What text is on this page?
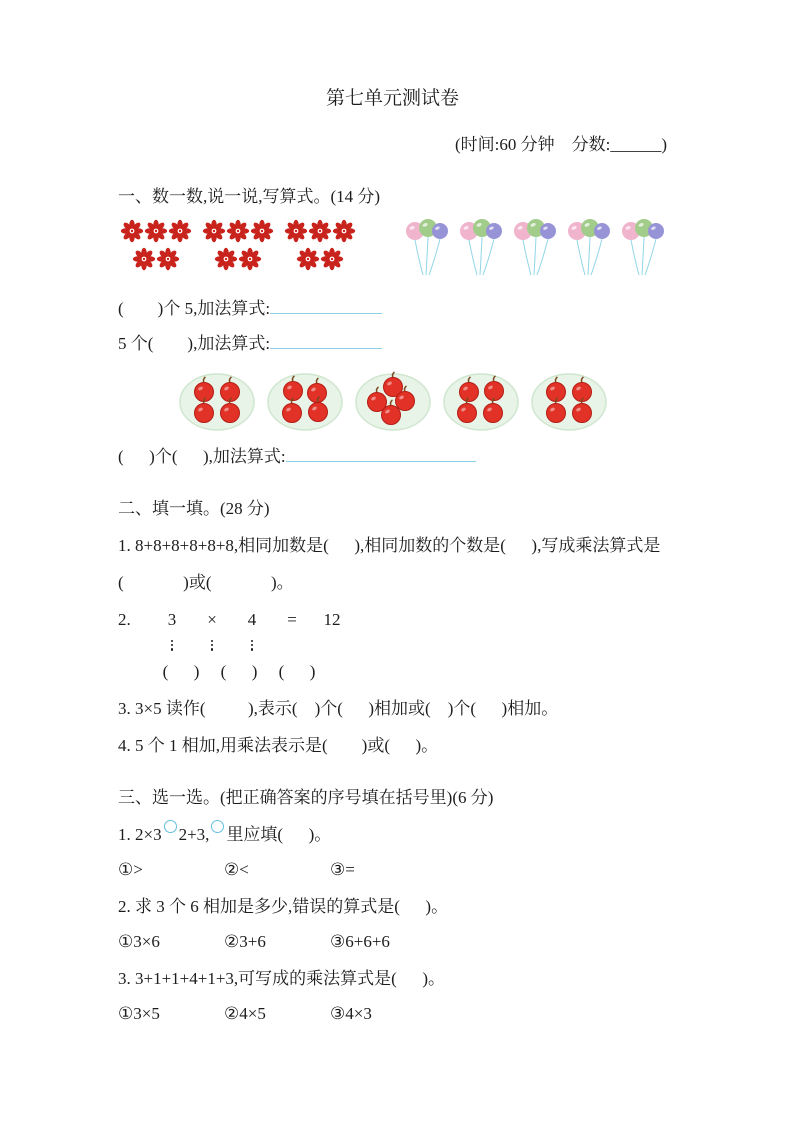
第七单元测试卷
(时间:60 分钟    分数:______)
一、数一数,说一说,写算式。(14 分)
(        )个 5,加法算式:
5 个(        ),加法算式:
(      )个(      ),加法算式:
二、填一填。(28 分)
1. 8+8+8+8+8+8,相同加数是(      ),相同加数的个数是(      ),写成乘法算式是
(              )或(              )。
2. 3 × 4 = 12
(      ) (      ) (      )
3. 3×5 读作(          ),表示(    )个(      )相加或(    )个(      )相加。
4. 5 个 1 相加,用乘法表示是(        )或(      )。
三、选一选。(把正确答案的序号填在括号里)(6 分)
1. 2×3 2+3, 里应填(      )。
①>	②<	③=
2. 求 3 个 6 相加是多少,错误的算式是(      )。
①3×6	②3+6	③6+6+6
3. 3+1+1+4+1+3,可写成的乘法算式是(      )。
①3×5	②4×5	③4×3
